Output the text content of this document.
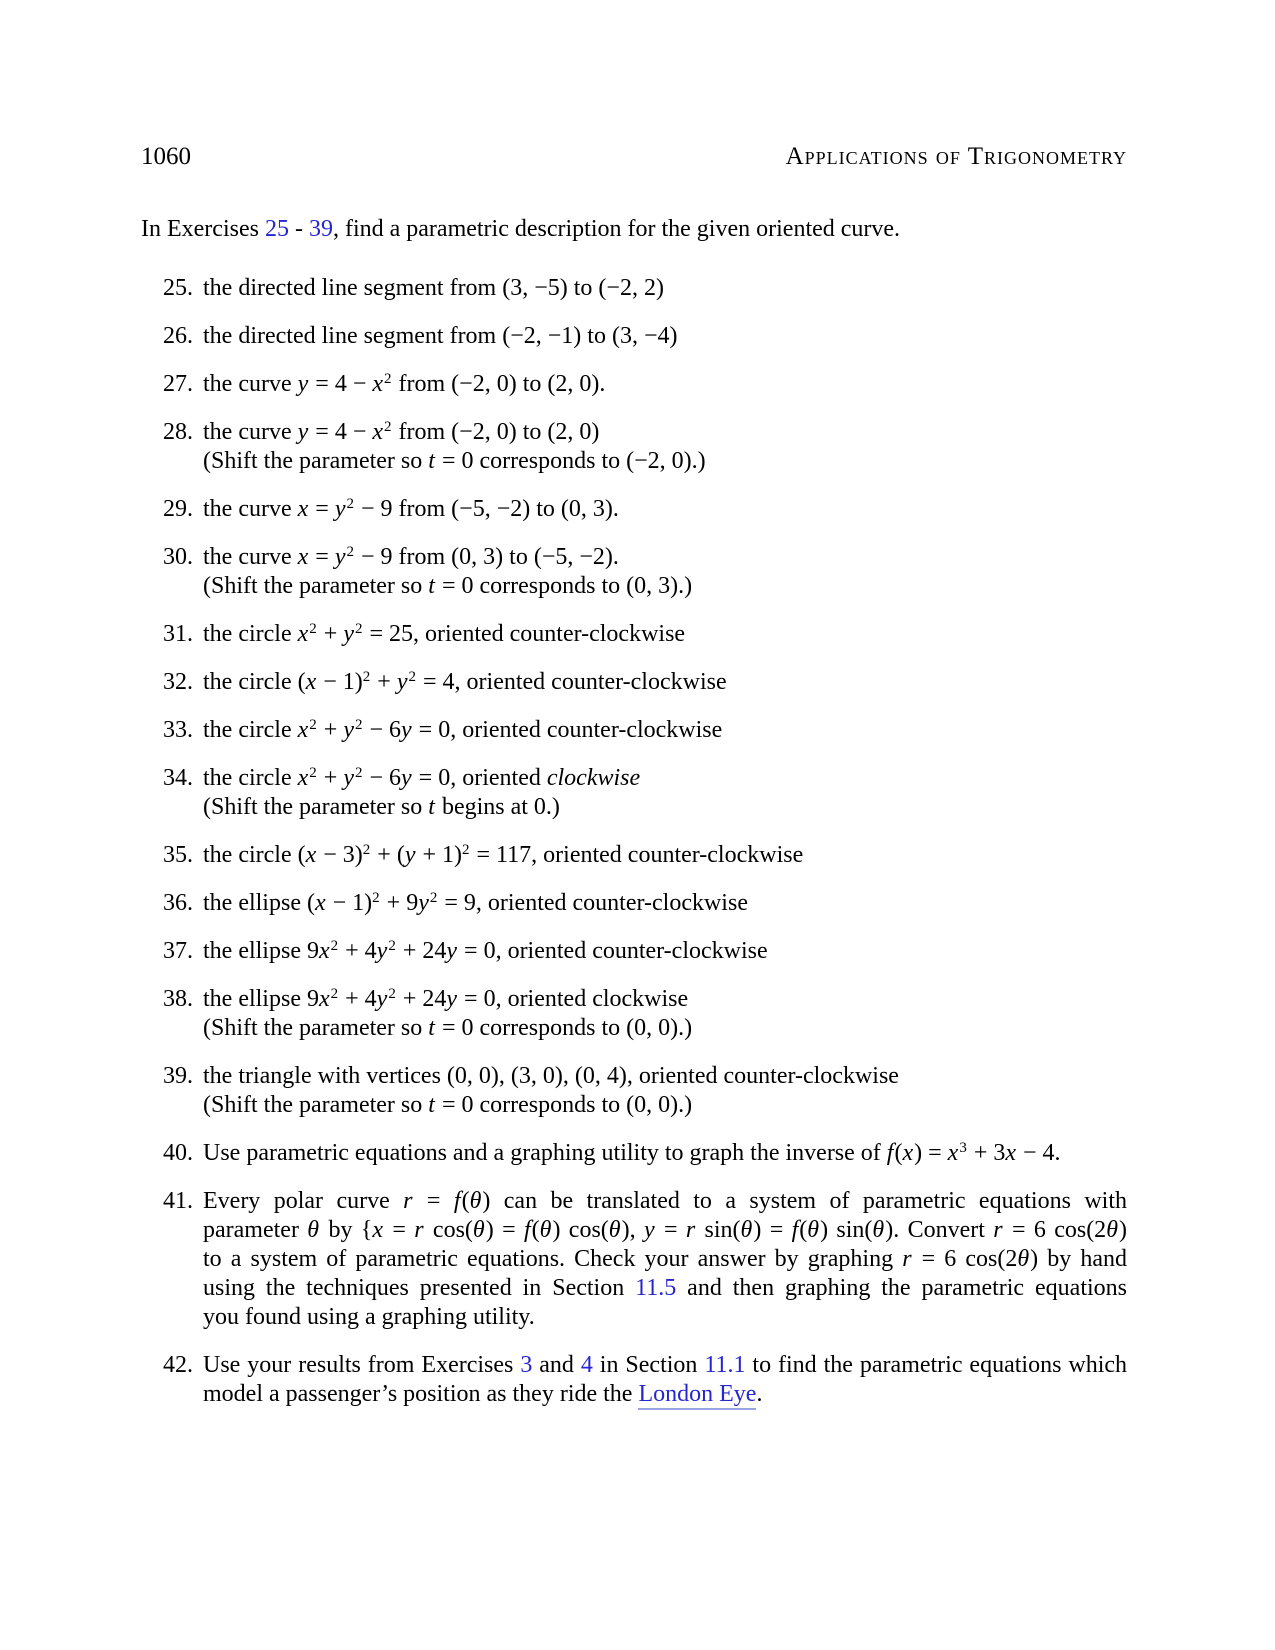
1060	Applications of Trigonometry
In Exercises 25 - 39, find a parametric description for the given oriented curve.
25. the directed line segment from (3, −5) to (−2, 2)
26. the directed line segment from (−2, −1) to (3, −4)
27. the curve $y = 4 - x^2$ from (−2, 0) to (2, 0).
28. the curve $y = 4 - x^2$ from (−2, 0) to (2, 0)
(Shift the parameter so t = 0 corresponds to (−2, 0).)
29. the curve $x = y^2 - 9$ from (−5, −2) to (0, 3).
30. the curve $x = y^2 - 9$ from (0, 3) to (−5, −2).
(Shift the parameter so t = 0 corresponds to (0, 3).)
31. the circle $x^2 + y^2 = 25$, oriented counter-clockwise
32. the circle $(x - 1)^2 + y^2 = 4$, oriented counter-clockwise
33. the circle $x^2 + y^2 - 6y = 0$, oriented counter-clockwise
34. the circle $x^2 + y^2 - 6y = 0$, oriented clockwise
(Shift the parameter so t begins at 0.)
35. the circle $(x - 3)^2 + (y + 1)^2 = 117$, oriented counter-clockwise
36. the ellipse $(x - 1)^2 + 9y^2 = 9$, oriented counter-clockwise
37. the ellipse $9x^2 + 4y^2 + 24y = 0$, oriented counter-clockwise
38. the ellipse $9x^2 + 4y^2 + 24y = 0$, oriented clockwise
(Shift the parameter so t = 0 corresponds to (0, 0).)
39. the triangle with vertices (0, 0), (3, 0), (0, 4), oriented counter-clockwise
(Shift the parameter so t = 0 corresponds to (0, 0).)
40. Use parametric equations and a graphing utility to graph the inverse of $f(x) = x^3 + 3x - 4$.
41. Every polar curve r = f(θ) can be translated to a system of parametric equations with
parameter θ by {x = r cos(θ) = f(θ) cos(θ), y = r sin(θ) = f(θ) sin(θ). Convert r = 6 cos(2θ)
to a system of parametric equations. Check your answer by graphing r = 6 cos(2θ) by hand
using the techniques presented in Section 11.5 and then graphing the parametric equations
you found using a graphing utility.
42. Use your results from Exercises 3 and 4 in Section 11.1 to find the parametric equations which
model a passenger’s position as they ride the London Eye.
